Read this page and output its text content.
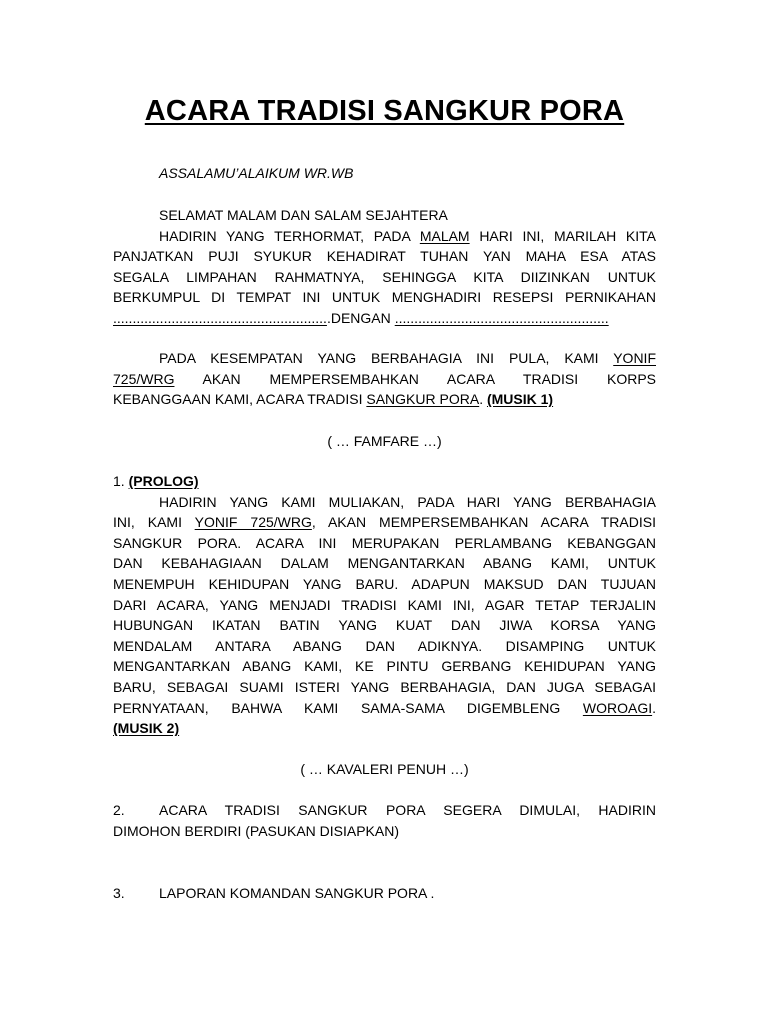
ACARA TRADISI SANGKUR PORA
ASSALAMU’ALAIKUM WR.WB
SELAMAT MALAM DAN SALAM SEJAHTERA
HADIRIN YANG TERHORMAT, PADA MALAM HARI INI, MARILAH KITA
PANJATKAN PUJI SYUKUR KEHADIRAT TUHAN YAN MAHA ESA ATAS
SEGALA LIMPAHAN RAHMATNYA, SEHINGGA KITA DIIZINKAN UNTUK
BERKUMPUL DI TEMPAT INI UNTUK MENGHADIRI RESEPSI PERNIKAHAN
........................................................DENGAN .......................................................
PADA KESEMPATAN YANG BERBAHAGIA INI PULA, KAMI YONIF
725/WRG AKAN MEMPERSEMBAHKAN ACARA TRADISI KORPS
KEBANGGAAN KAMI, ACARA TRADISI SANGKUR PORA. (MUSIK 1)
( … FAMFARE …)
1. (PROLOG)
HADIRIN YANG KAMI MULIAKAN, PADA HARI YANG BERBAHAGIA
INI, KAMI YONIF 725/WRG, AKAN MEMPERSEMBAHKAN ACARA TRADISI
SANGKUR PORA. ACARA INI MERUPAKAN PERLAMBANG KEBANGGAN
DAN KEBAHAGIAAN DALAM MENGANTARKAN ABANG KAMI, UNTUK
MENEMPUH KEHIDUPAN YANG BARU. ADAPUN MAKSUD DAN TUJUAN
DARI ACARA, YANG MENJADI TRADISI KAMI INI, AGAR TETAP TERJALIN
HUBUNGAN IKATAN BATIN YANG KUAT DAN JIWA KORSA YANG
MENDALAM ANTARA ABANG DAN ADIKNYA. DISAMPING UNTUK
MENGANTARKAN ABANG KAMI, KE PINTU GERBANG KEHIDUPAN YANG
BARU, SEBAGAI SUAMI ISTERI YANG BERBAHAGIA, DAN JUGA SEBAGAI
PERNYATAAN, BAHWA KAMI SAMA-SAMA DIGEMBLENG WOROAGI.
(MUSIK 2)
( … KAVALERI PENUH …)
2. ACARA TRADISI SANGKUR PORA SEGERA DIMULAI, HADIRIN
DIMOHON BERDIRI (PASUKAN DISIAPKAN)
3. LAPORAN KOMANDAN SANGKUR PORA .
